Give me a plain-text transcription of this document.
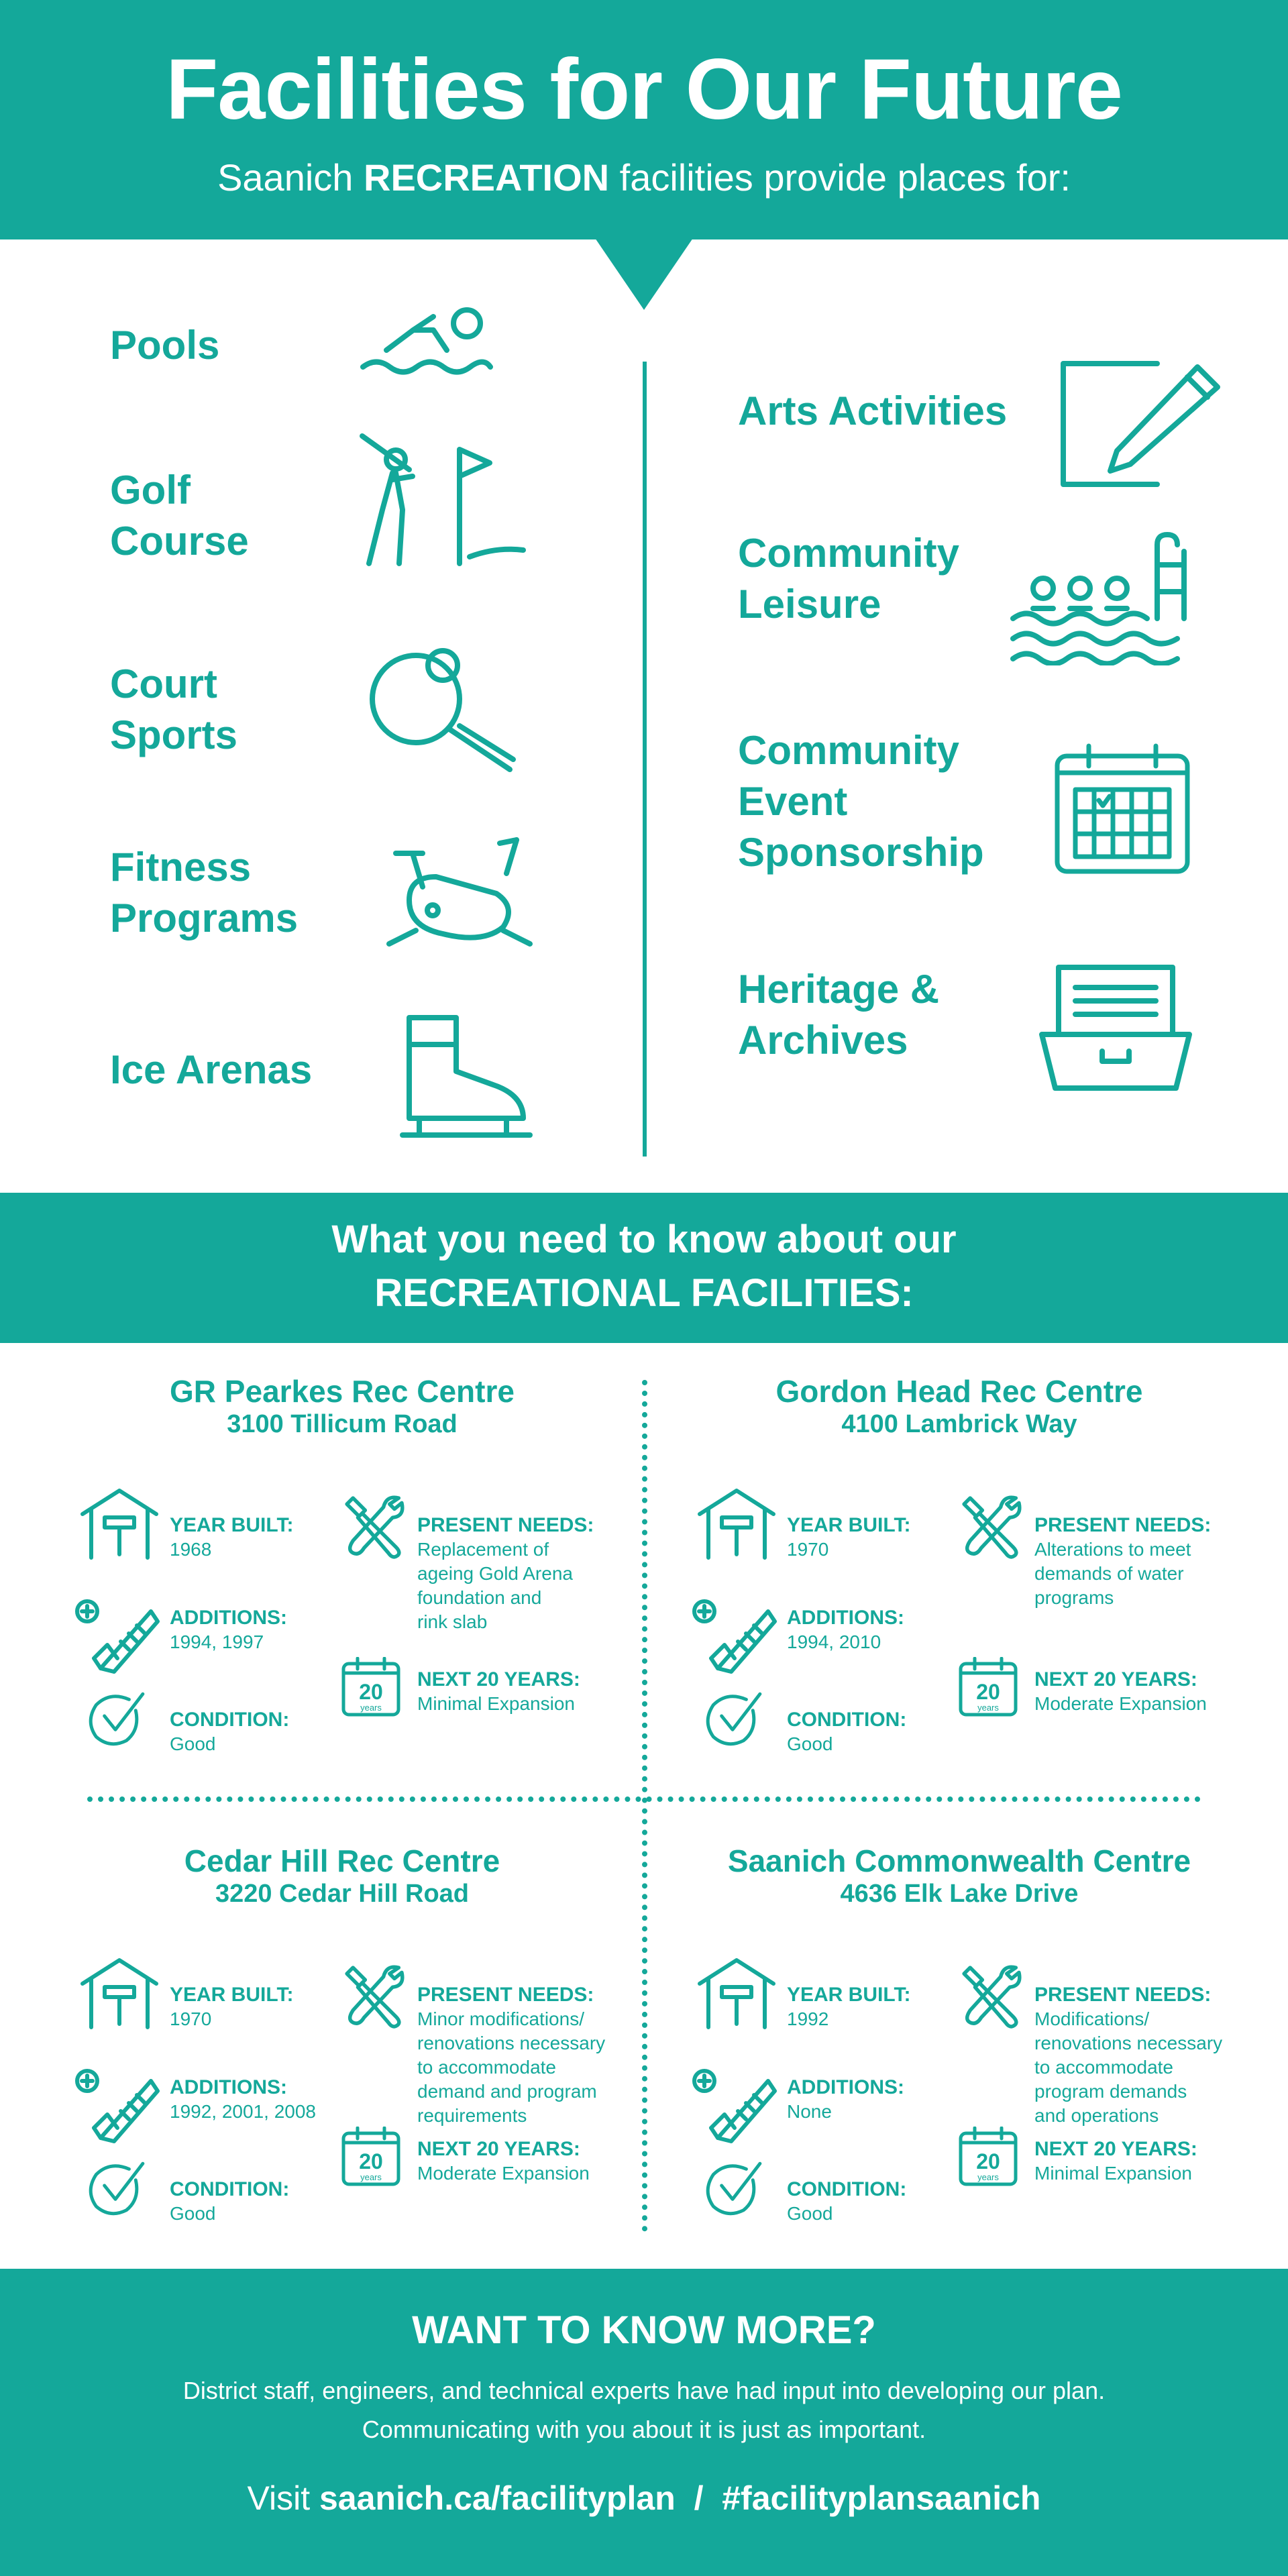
Facilities for Our Future
Saanich RECREATION facilities provide places for:
Pools
Golf Course
Court Sports
Fitness Programs
Ice Arenas
Arts Activities
Community Leisure
Community Event Sponsorship
Heritage & Archives
What you need to know about our
RECREATIONAL FACILITIES:
GR Pearkes Rec Centre
3100 Tillicum Road
YEAR BUILT:
1968
ADDITIONS:
1994, 1997
CONDITION:
Good
PRESENT NEEDS:
Replacement of
ageing Gold Arena
foundation and
rink slab
20
years
NEXT 20 YEARS:
Minimal Expansion
Gordon Head Rec Centre
4100 Lambrick Way
YEAR BUILT:
1970
ADDITIONS:
1994, 2010
CONDITION:
Good
PRESENT NEEDS:
Alterations to meet
demands of water
programs
20
years
NEXT 20 YEARS:
Moderate Expansion
Cedar Hill Rec Centre
3220 Cedar Hill Road
YEAR BUILT:
1970
ADDITIONS:
1992, 2001, 2008
CONDITION:
Good
PRESENT NEEDS:
Minor modifications/
renovations necessary
to accommodate
demand and program
requirements
20
years
NEXT 20 YEARS:
Moderate Expansion
Saanich Commonwealth Centre
4636 Elk Lake Drive
YEAR BUILT:
1992
ADDITIONS:
None
CONDITION:
Good
PRESENT NEEDS:
Modifications/
renovations necessary
to accommodate
program demands
and operations
20
years
NEXT 20 YEARS:
Minimal Expansion
WANT TO KNOW MORE?
District staff, engineers, and technical experts have had input into developing our plan.
Communicating with you about it is just as important.
Visit saanich.ca/facilityplan  /  #facilityplansaanich
